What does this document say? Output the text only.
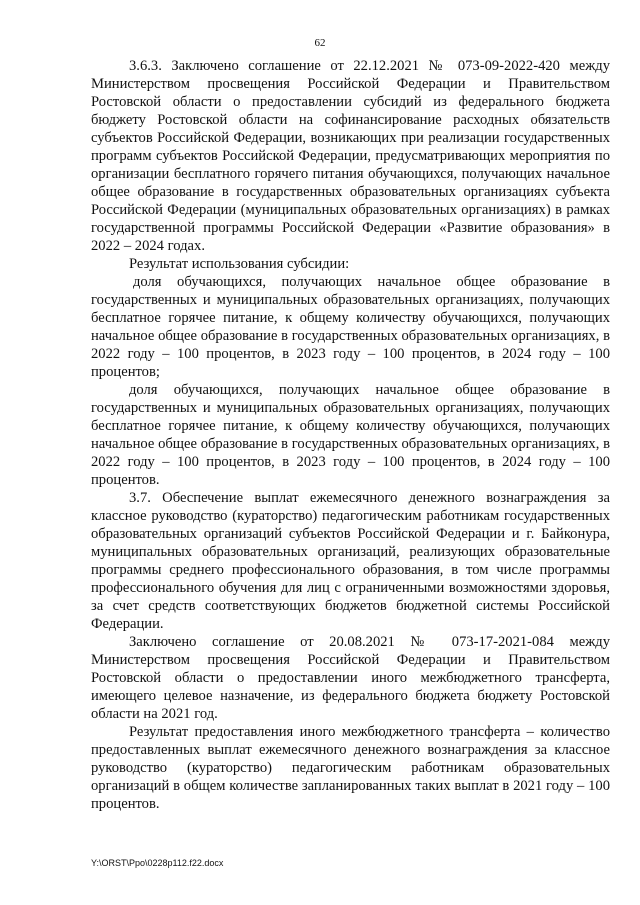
62

3.6.3. Заключено соглашение от 22.12.2021 № 073-09-2022-420 между Министерством просвещения Российской Федерации и Правительством Ростовской области о предоставлении субсидий из федерального бюджета бюджету Ростовской области на софинансирование расходных обязательств субъектов Российской Федерации, возникающих при реализации государственных программ субъектов Российской Федерации, предусматривающих мероприятия по организации бесплатного горячего питания обучающихся, получающих начальное общее образование в государственных образовательных организациях субъекта Российской Федерации (муниципальных образовательных организациях) в рамках государственной программы Российской Федерации «Развитие образования» в 2022 – 2024 годах.

Результат использования субсидии:

доля обучающихся, получающих начальное общее образование в государственных и муниципальных образовательных организациях, получающих бесплатное горячее питание, к общему количеству обучающихся, получающих начальное общее образование в государственных образовательных организациях, в 2022 году – 100 процентов, в 2023 году – 100 процентов, в 2024 году – 100 процентов;

доля обучающихся, получающих начальное общее образование в государственных и муниципальных образовательных организациях, получающих бесплатное горячее питание, к общему количеству обучающихся, получающих начальное общее образование в государственных образовательных организациях, в 2022 году – 100 процентов, в 2023 году – 100 процентов, в 2024 году – 100 процентов.

3.7. Обеспечение выплат ежемесячного денежного вознаграждения за классное руководство (кураторство) педагогическим работникам государственных образовательных организаций субъектов Российской Федерации и г. Байконура, муниципальных образовательных организаций, реализующих образовательные программы среднего профессионального образования, в том числе программы профессионального обучения для лиц с ограниченными возможностями здоровья, за счет средств соответствующих бюджетов бюджетной системы Российской Федерации.

Заключено соглашение от 20.08.2021 № 073-17-2021-084 между Министерством просвещения Российской Федерации и Правительством Ростовской области о предоставлении иного межбюджетного трансферта, имеющего целевое назначение, из федерального бюджета бюджету Ростовской области на 2021 год.

Результат предоставления иного межбюджетного трансферта – количество предоставленных выплат ежемесячного денежного вознаграждения за классное руководство (кураторство) педагогическим работникам образовательных организаций в общем количестве запланированных таких выплат в 2021 году – 100 процентов.

Y:\ORST\Ppo\0228p112.f22.docx
